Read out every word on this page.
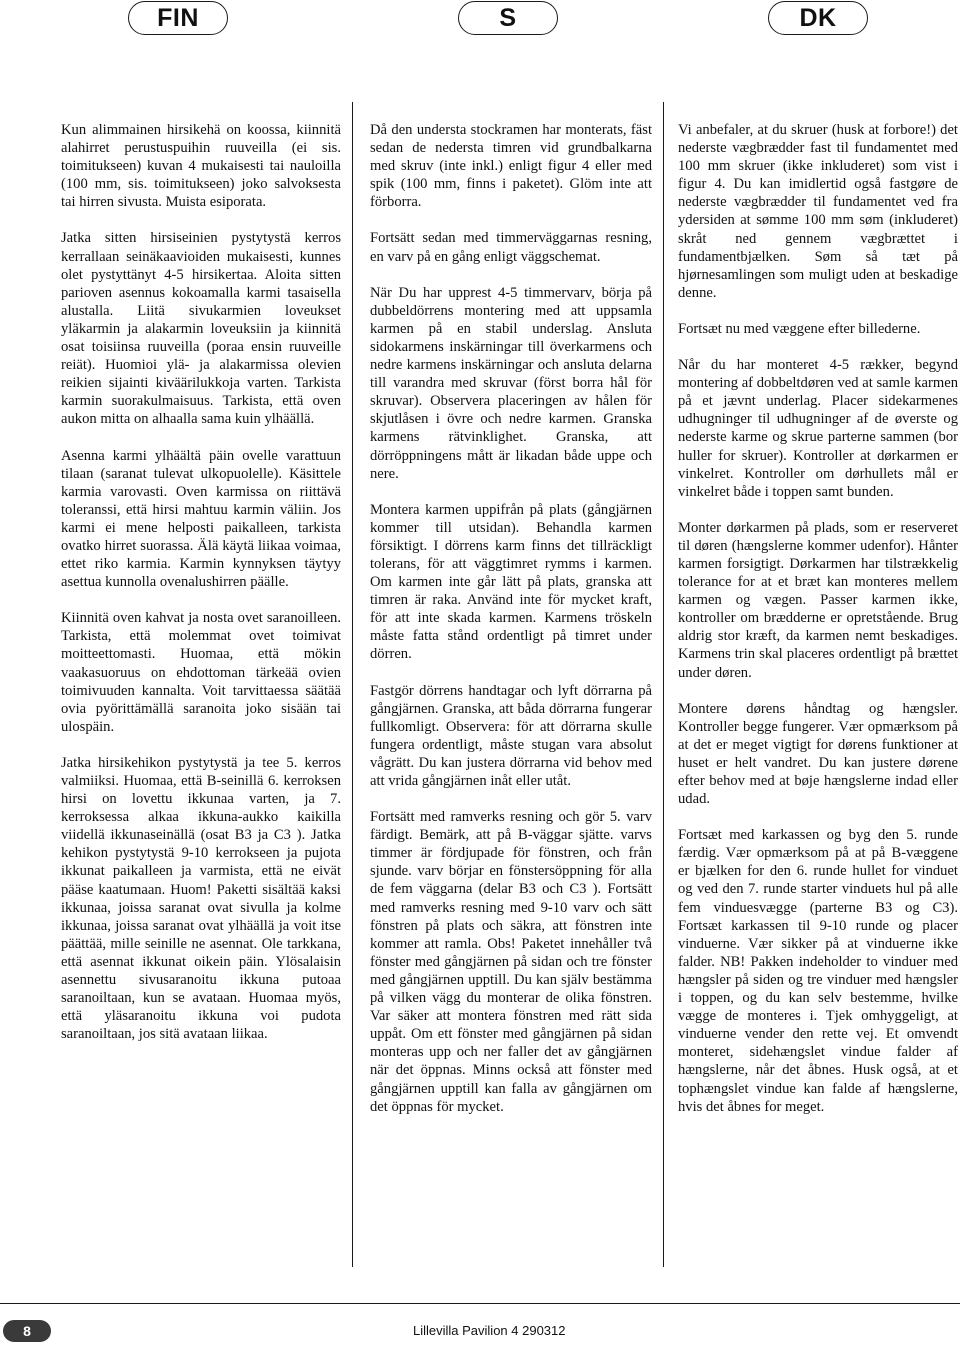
FIN	S	DK

Kun alimmainen hirsikehä on koossa, kiinnitä alahirret perustuspuihin ruuveilla (ei sis. toimitukseen) kuvan 4 mukaisesti tai nauloilla (100 mm, sis. toimitukseen) joko salvoksesta tai hirren sivusta. Muista esiporata.

Jatka sitten hirsiseinien pystytystä kerros kerrallaan seinäkaavioiden mukaisesti, kunnes olet pystyttänyt 4-5 hirsikertaa. Aloita sitten parioven asennus kokoamalla karmi tasaisella alustalla. Liitä sivukarmien loveukset yläkarmin ja alakarmin loveuksiin ja kiinnitä osat toisiinsa ruuveilla (poraa ensin ruuveille reiät). Huomioi ylä- ja alakarmissa olevien reikien sijainti kiväärilukkoja varten. Tarkista karmin suorakulmaisuus. Tarkista, että oven aukon mitta on alhaalla sama kuin ylhäällä.

Asenna karmi ylhäältä päin ovelle varattuun tilaan (saranat tulevat ulkopuolelle). Käsittele karmia varovasti. Oven karmissa on riittävä toleranssi, että hirsi mahtuu karmin väliin. Jos karmi ei mene helposti paikalleen, tarkista ovatko hirret suorassa. Älä käytä liikaa voimaa, ettet riko karmia. Karmin kynnyksen täytyy asettua kunnolla ovenalushirren päälle.

Kiinnitä oven kahvat ja nosta ovet saranoilleen. Tarkista, että molemmat ovet toimivat moitteettomasti. Huomaa, että mökin vaakasuoruus on ehdottoman tärkeää ovien toimivuuden kannalta. Voit tarvittaessa säätää ovia pyörittämällä saranoita joko sisään tai ulospäin.

Jatka hirsikehikon pystytystä ja tee 5. kerros valmiiksi. Huomaa, että B-seinillä 6. kerroksen hirsi on lovettu ikkunaa varten, ja 7. kerroksessa alkaa ikkuna-aukko kaikilla viidellä ikkunaseinällä (osat B3 ja C3 ). Jatka kehikon pystytystä 9-10 kerrokseen ja pujota ikkunat paikalleen ja varmista, että ne eivät pääse kaatumaan. Huom! Paketti sisältää kaksi ikkunaa, joissa saranat ovat sivulla ja kolme ikkunaa, joissa saranat ovat ylhäällä ja voit itse päättää, mille seinille ne asennat. Ole tarkkana, että asennat ikkunat oikein päin. Ylösalaisin asennettu sivusaranoitu ikkuna putoaa saranoiltaan, kun se avataan. Huomaa myös, että yläsaranoitu ikkuna voi pudota saranoiltaan, jos sitä avataan liikaa.

Då den understa stockramen har monterats, fäst sedan de nedersta timren vid grundbalkarna med skruv (inte inkl.) enligt figur 4 eller med spik (100 mm, finns i paketet). Glöm inte att förborra.

Fortsätt sedan med timmerväggarnas resning, en varv på en gång enligt väggschemat.

När Du har upprest 4-5 timmervarv, börja på dubbeldörrens montering med att uppsamla karmen på en stabil underslag. Ansluta sidokarmens inskärningar till överkarmens och nedre karmens inskärningar och ansluta delarna till varandra med skruvar (först borra hål för skruvar). Observera placeringen av hålen för skjutlåsen i övre och nedre karmen. Granska karmens rätvinklighet. Granska, att dörröppningens mått är likadan både uppe och nere.

Montera karmen uppifrån på plats (gångjärnen kommer till utsidan). Behandla karmen försiktigt. I dörrens karm finns det tillräckligt tolerans, för att väggtimret rymms i karmen. Om karmen inte går lätt på plats, granska att timren är raka. Använd inte för mycket kraft, för att inte skada karmen. Karmens tröskeln måste fatta stånd ordentligt på timret under dörren.

Fastgör dörrens handtagar och lyft dörrarna på gångjärnen. Granska, att båda dörrarna fungerar fullkomligt. Observera: för att dörrarna skulle fungera ordentligt, måste stugan vara absolut vågrätt. Du kan justera dörrarna vid behov med att vrida gångjärnen inåt eller utåt.

Fortsätt med ramverks resning och gör 5. varv färdigt. Bemärk, att på B-väggar sjätte. varvs timmer är fördjupade för fönstren, och från sjunde. varv börjar en fönstersöppning för alla de fem väggarna (delar B3 och C3 ). Fortsätt med ramverks resning med 9-10 varv och sätt fönstren på plats och säkra, att fönstren inte kommer att ramla. Obs! Paketet innehåller två fönster med gångjärnen på sidan och tre fönster med gångjärnen upptill. Du kan själv bestämma på vilken vägg du monterar de olika fönstren. Var säker att montera fönstren med rätt sida uppåt. Om ett fönster med gångjärnen på sidan monteras upp och ner faller det av gångjärnen när det öppnas. Minns också att fönster med gångjärnen upptill kan falla av gångjärnen om det öppnas för mycket.

Vi anbefaler, at du skruer (husk at forbore!) det nederste vægbrædder fast til fundamentet med 100 mm skruer (ikke inkluderet) som vist i figur 4. Du kan imidlertid også fastgøre de nederste vægbrædder til fundamentet ved fra ydersiden at sømme 100 mm søm (inkluderet) skråt ned gennem vægbrættet i fundamentbjælken. Søm så tæt på hjørnesamlingen som muligt uden at beskadige denne.

Fortsæt nu med væggene efter billederne.

Når du har monteret 4-5 rækker, begynd montering af dobbeltdøren ved at samle karmen på et jævnt underlag. Placer sidekarmenes udhugninger til udhugninger af de øverste og nederste karme og skrue parterne sammen (bor huller for skruer). Kontroller at dørkarmen er vinkelret. Kontroller om dørhullets mål er vinkelret både i toppen samt bunden.

Monter dørkarmen på plads, som er reserveret til døren (hængslerne kommer udenfor). Hånter karmen forsigtigt. Dørkarmen har tilstrækkelig tolerance for at et bræt kan monteres mellem karmen og vægen. Passer karmen ikke, kontroller om brædderne er opretstående. Brug aldrig stor kræft, da karmen nemt beskadiges. Karmens trin skal placeres ordentligt på brættet under døren.

Montere dørens håndtag og hængsler. Kontroller begge fungerer. Vær opmærksom på at det er meget vigtigt for dørens funktioner at huset er helt vandret. Du kan justere dørene efter behov med at bøje hængslerne indad eller udad.

Fortsæt med karkassen og byg den 5. runde færdig. Vær opmærksom på at på B-væggene er bjælken for den 6. runde hullet for vinduet og ved den 7. runde starter vinduets hul på alle fem vinduesvægge (parterne B3 og C3). Fortsæt karkassen til 9-10 runde og placer vinduerne. Vær sikker på at vinduerne ikke falder. NB! Pakken indeholder to vinduer med hængsler på siden og tre vinduer med hængsler i toppen, og du kan selv bestemme, hvilke vægge de monteres i. Tjek omhyggeligt, at vinduerne vender den rette vej. Et omvendt monteret, sidehængslet vindue falder af hængslerne, når det åbnes. Husk også, at et tophængslet vindue kan falde af hængslerne, hvis det åbnes for meget.

8	Lillevilla Pavilion 4 290312
